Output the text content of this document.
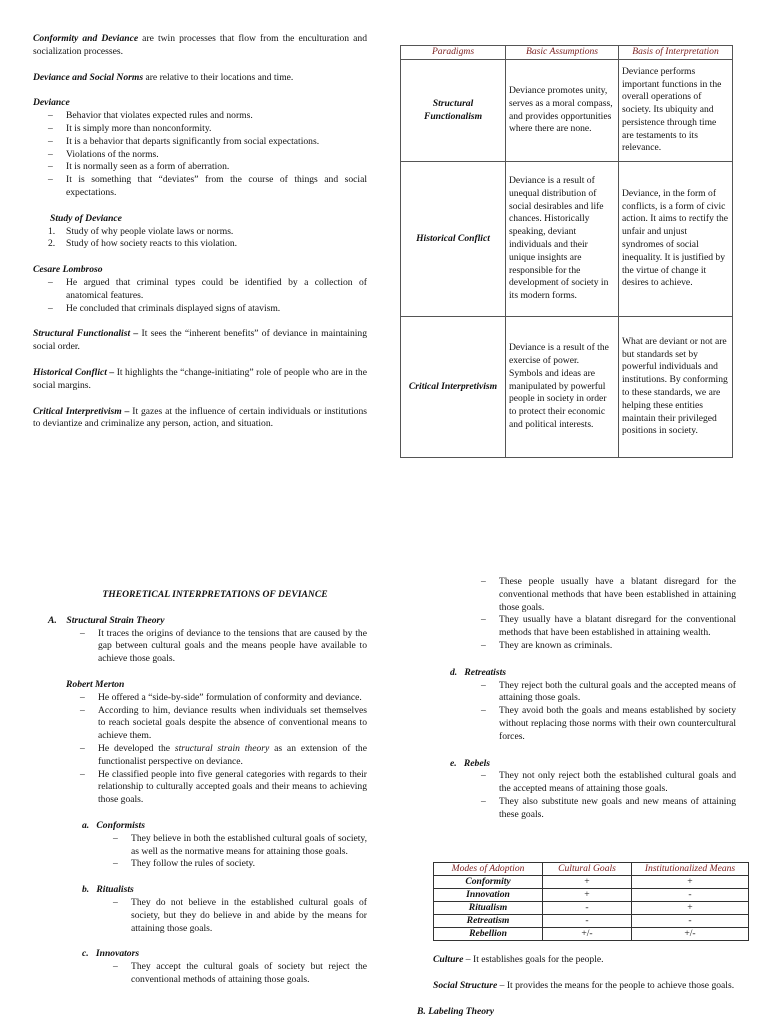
Conformity and Deviance are twin processes that flow from the enculturation and socialization processes.

Deviance and Social Norms are relative to their locations and time.

Deviance

– Behavior that violates expected rules and norms.
– It is simply more than nonconformity.
– It is a behavior that departs significantly from social expectations.
– Violations of the norms.
– It is normally seen as a form of aberration.
– It is something that “deviates” from the course of things and social expectations.

Study of Deviance

1. Study of why people violate laws or norms.
2. Study of how society reacts to this violation.

Cesare Lombroso

– He argued that criminal types could be identified by a collection of anatomical features.
– He concluded that criminals displayed signs of atavism.

Structural Functionalist – It sees the “inherent benefits” of deviance in maintaining social order.

Historical Conflict – It highlights the “change-initiating” role of people who are in the social margins.

Critical Interpretivism – It gazes at the influence of certain individuals or institutions to deviantize and criminalize any person, action, and situation.

Paradigms	Basic Assumptions	Basis of Interpretation
Structural Functionalism	Deviance promotes unity, serves as a moral compass, and provides opportunities where there are none.	Deviance performs important functions in the overall operations of society. Its ubiquity and persistence through time are testaments to its relevance.
Historical Conflict	Deviance is a result of unequal distribution of social desirables and life chances. Historically speaking, deviant individuals and their unique insights are responsible for the development of society in its modern forms.	Deviance, in the form of conflicts, is a form of civic action. It aims to rectify the unfair and unjust syndromes of social inequality. It is justified by the virtue of change it desires to achieve.
Critical Interpretivism	Deviance is a result of the exercise of power. Symbols and ideas are manipulated by powerful people in society in order to protect their economic and political interests.	What are deviant or not are but standards set by powerful individuals and institutions. By conforming to these standards, we are helping these entities maintain their privileged positions in society.

THEORETICAL INTERPRETATIONS OF DEVIANCE

A. Structural Strain Theory

– It traces the origins of deviance to the tensions that are caused by the gap between cultural goals and the means people have available to achieve those goals.

Robert Merton

– He offered a “side-by-side” formulation of conformity and deviance.
– According to him, deviance results when individuals set themselves to reach societal goals despite the absence of conventional means to achieve them.
– He developed the structural strain theory as an extension of the functionalist perspective on deviance.
– He classified people into five general categories with regards to their relationship to culturally accepted goals and their means to achieving those goals.

a. Conformists

– They believe in both the established cultural goals of society, as well as the normative means for attaining those goals.
– They follow the rules of society.

b. Ritualists

– They do not believe in the established cultural goals of society, but they do believe in and abide by the means for attaining those goals.

c. Innovators

– They accept the cultural goals of society but reject the conventional methods of attaining those goals.
– These people usually have a blatant disregard for the conventional methods that have been established in attaining those goals.
– They usually have a blatant disregard for the conventional methods that have been established in attaining wealth.
– They are known as criminals.

d. Retreatists

– They reject both the cultural goals and the accepted means of attaining those goals.
– They avoid both the goals and means established by society without replacing those norms with their own countercultural forces.

e. Rebels

– They not only reject both the established cultural goals and the accepted means of attaining those goals.
– They also substitute new goals and new means of attaining these goals.
Modes of Adoption	Cultural Goals	Institutionalized Means
Conformity	+	+
Innovation	+	-
Ritualism	-	+
Retreatism	-	-
Rebellion	+/-	+/-

Culture – It establishes goals for the people.

Social Structure – It provides the means for the people to achieve those goals.

B. Labeling Theory
